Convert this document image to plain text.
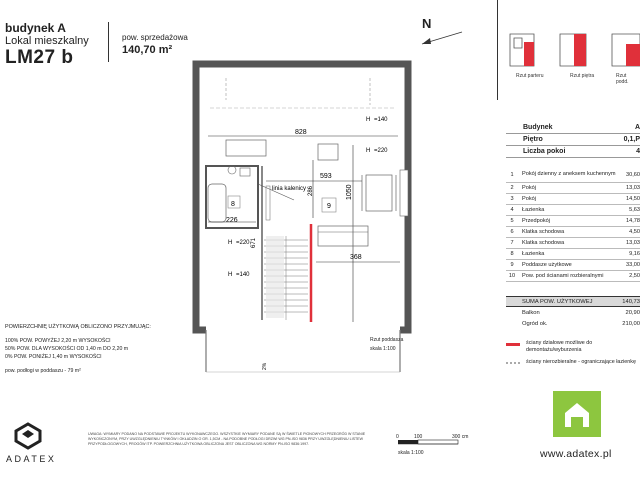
budynek A
Lokal mieszkalny
LM27 b
pow. sprzedażowa
140,70 m²
N
828
H =140
H =220
593
8
226
linia kalenicy
9
1050
286
671
368
H =220
H =140
2%
Rzut parteru	Rzut piętra	Rzut podd.
Budynek	A
Piętro	0,1,P
Liczba pokoi	4
1	Pokój dzienny z aneksem kuchennym	30,60
2	Pokój	13,03
3	Pokój	14,50
4	Łazienka	5,63
5	Przedpokój	14,78
6	Klatka schodowa	4,50
7	Klatka schodowa	13,03
8	Łazienka	9,16
9	Poddasze użytkowe	33,00
10	Pow. pod ścianami rozbieralnymi	2,50
SUMA POW. UŻYTKOWEJ	140,73
Balkon	20,90
Ogród ok.	210,00
ściany działowe możliwe do demontażu/wyburzenia
ściany nierozbieralne - ograniczające łazienkę
POWIERZCHNIĘ UŻYTKOWĄ OBLICZONO PRZYJMUJĄC:
100% POW. POWYŻEJ 2,20 m WYSOKOŚCI
50% POW. DLA WYSOKOŚCI OD 1,40 m DO 2,20 m
0% POW. PONIŻEJ 1,40 m WYSOKOŚCI
pow. podłogi w poddaszu - 79 m²
Rzut poddasza
skala 1:100
ADATEX
UWAGA: WYMIARY PODANO NA PODSTAWIE PROJEKTU WYKONAWCZEGO. WSZYSTKIE WYMIARY PODANE SĄ W ŚWIETLE PIONOWYCH PRZEGRÓD W STANIE WYKOŃCZONYM, PRZY UWZGLĘDNIENIU TYNKÓW I OKŁADZIN O GR. 1,5CM - NA PODOBNE PODŁOGI DRZWI WG PN-ISO 9836 PRZY UWZGLĘDNIENIU LISTEW PRZYPODŁOGOWYCH, PROGÓW ITP. POWIERZCHNIA UŻYTKOWA OBLICZONA JEST OBLICZONA WG NORMY PN-ISO 9836:1997.
0	100	300 cm
skala 1:100	www.adatex.pl
